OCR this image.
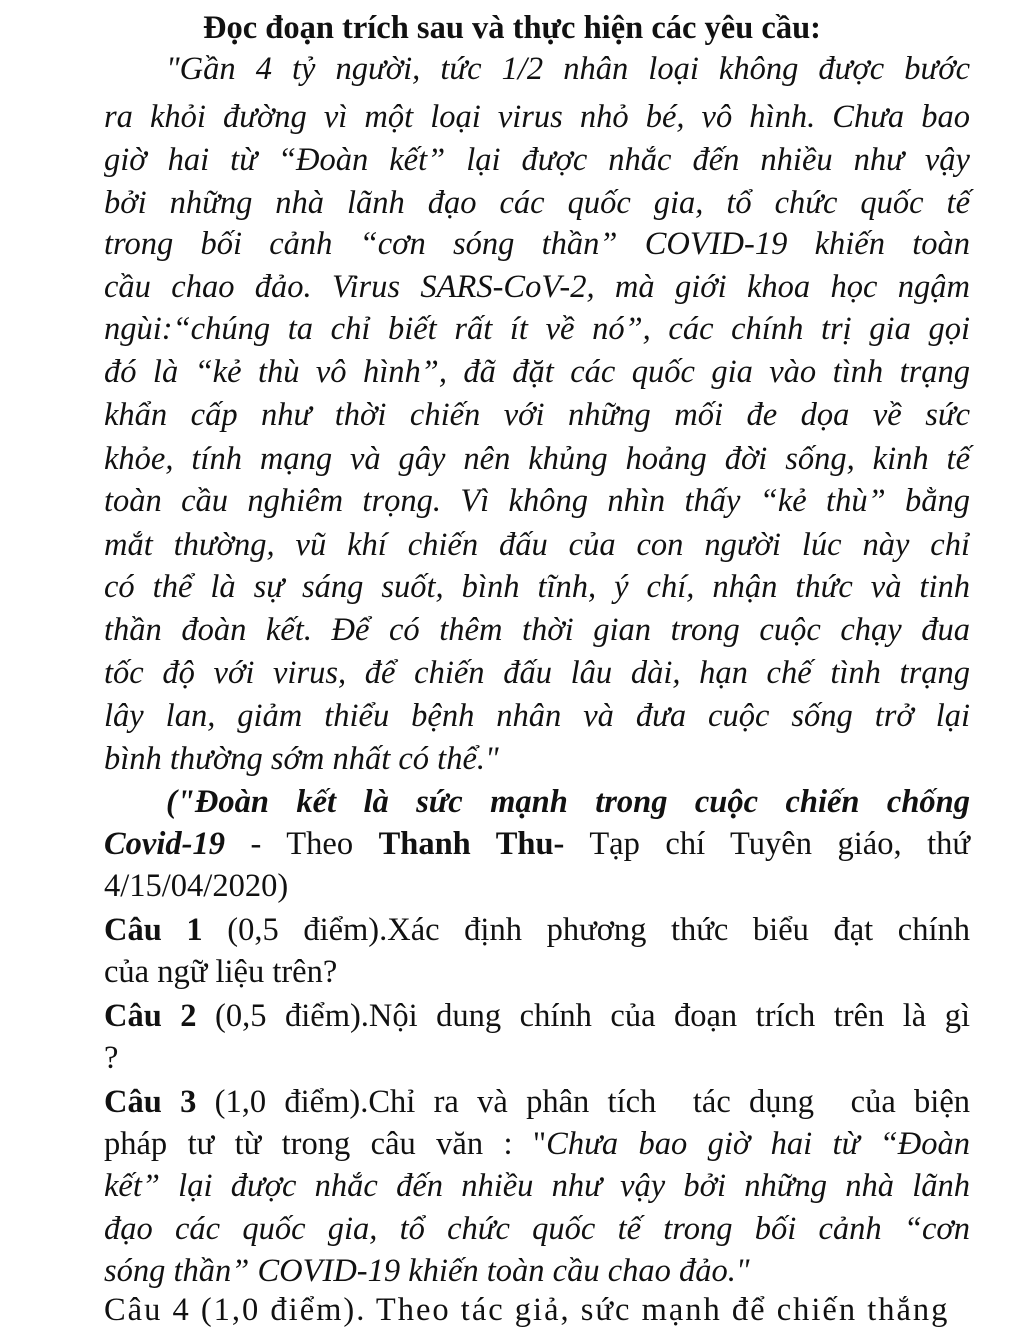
Đọc đoạn trích sau và thực hiện các yêu cầu:
"Gần 4 tỷ người, tức 1/2 nhân loại không được bước
ra khỏi đường vì một loại virus nhỏ bé, vô hình. Chưa bao
giờ hai từ “Đoàn kết” lại được nhắc đến nhiều như vậy
bởi những nhà lãnh đạo các quốc gia, tổ chức quốc tế
trong bối cảnh “cơn sóng thần” COVID-19 khiến toàn
cầu chao đảo. Virus SARS-CoV-2, mà giới khoa học ngậm
ngùi:“chúng ta chỉ biết rất ít về nó”, các chính trị gia gọi
đó là “kẻ thù vô hình”, đã đặt các quốc gia vào tình trạng
khẩn cấp như thời chiến với những mối đe dọa về sức
khỏe, tính mạng và gây nên khủng hoảng đời sống, kinh tế
toàn cầu nghiêm trọng. Vì không nhìn thấy “kẻ thù” bằng
mắt thường, vũ khí chiến đấu của con người lúc này chỉ
có thể là sự sáng suốt, bình tĩnh, ý chí, nhận thức và tinh
thần đoàn kết. Để có thêm thời gian trong cuộc chạy đua
tốc độ với virus, để chiến đấu lâu dài, hạn chế tình trạng
lây lan, giảm thiểu bệnh nhân và đưa cuộc sống trở lại
bình thường sớm nhất có thể."
("Đoàn kết là sức mạnh trong cuộc chiến chống
Covid-19 - Theo Thanh Thu- Tạp chí Tuyên giáo, thứ
4/15/04/2020)
Câu 1 (0,5 điểm).Xác định phương thức biểu đạt chính
của ngữ liệu trên?
Câu 2 (0,5 điểm).Nội dung chính của đoạn trích trên là gì
?
Câu 3 (1,0 điểm).Chỉ ra và phân tích  tác dụng  của biện
pháp tư từ trong câu văn : "Chưa bao giờ hai từ “Đoàn
kết” lại được nhắc đến nhiều như vậy bởi những nhà lãnh
đạo các quốc gia, tổ chức quốc tế trong bối cảnh “cơn
sóng thần” COVID-19 khiến toàn cầu chao đảo."
Câu 4 (1,0 điểm). Theo tác giả, sức mạnh để chiến thắng
